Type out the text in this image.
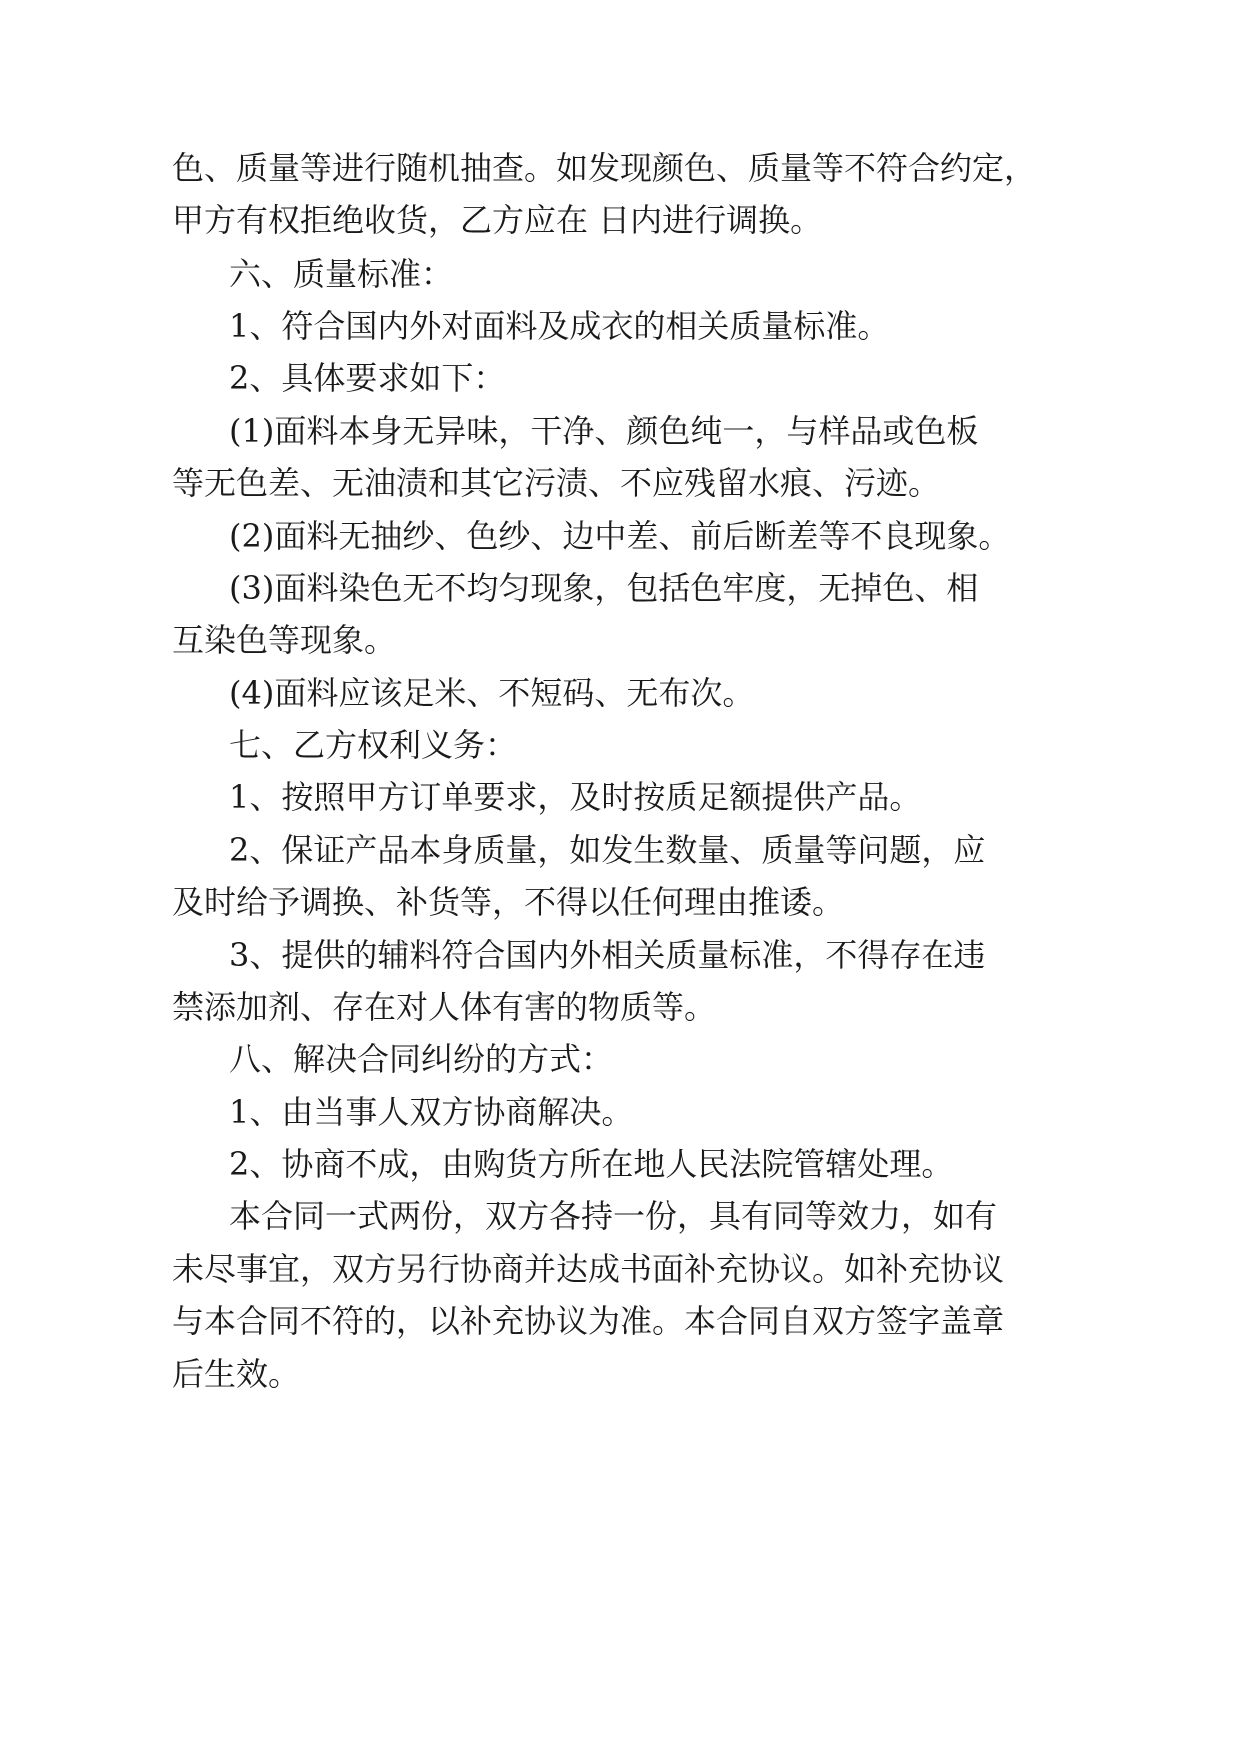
色、质量等进行随机抽查。如发现颜色、质量等不符合约定，
甲方有权拒绝收货，乙方应在 日内进行调换。
六、质量标准：
1、符合国内外对面料及成衣的相关质量标准。
2、具体要求如下：
(1)面料本身无异味，干净、颜色纯一，与样品或色板
等无色差、无油渍和其它污渍、不应残留水痕、污迹。
(2)面料无抽纱、色纱、边中差、前后断差等不良现象。
(3)面料染色无不均匀现象，包括色牢度，无掉色、相
互染色等现象。
(4)面料应该足米、不短码、无布次。
七、乙方权利义务：
1、按照甲方订单要求，及时按质足额提供产品。
2、保证产品本身质量，如发生数量、质量等问题，应
及时给予调换、补货等，不得以任何理由推诿。
3、提供的辅料符合国内外相关质量标准，不得存在违
禁添加剂、存在对人体有害的物质等。
八、解决合同纠纷的方式：
1、由当事人双方协商解决。
2、协商不成，由购货方所在地人民法院管辖处理。
本合同一式两份，双方各持一份，具有同等效力，如有
未尽事宜，双方另行协商并达成书面补充协议。如补充协议
与本合同不符的，以补充协议为准。本合同自双方签字盖章
后生效。
